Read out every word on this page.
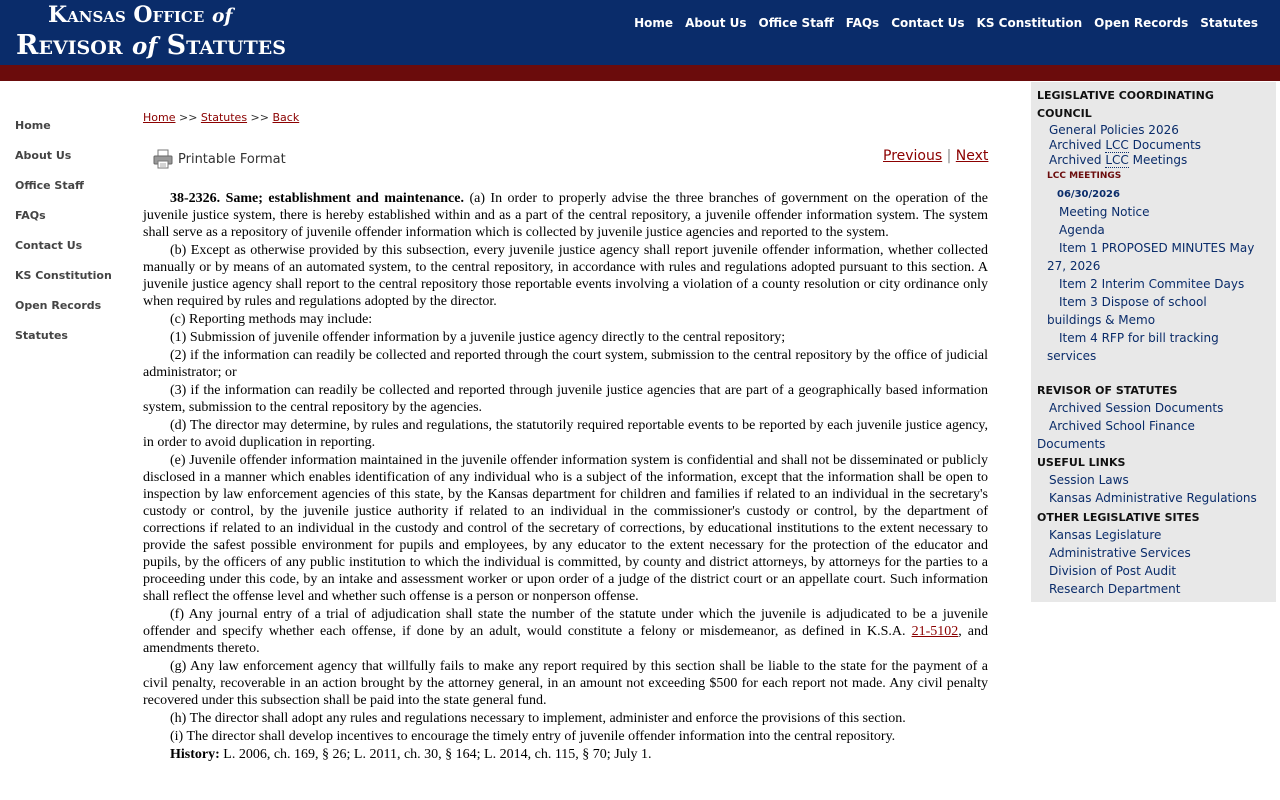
Kansas Office of
Revisor of Statutes
Home About Us Office Staff FAQs Contact Us KS Constitution Open Records Statutes
Home
About Us
Office Staff
FAQs
Contact Us
KS Constitution
Open Records
Statutes
Home >> Statutes >> Back
Printable Format	Previous | Next

38-2326. Same; establishment and maintenance. (a) In order to properly advise the three branches of government on the operation of the juvenile justice system, there is hereby established within and as a part of the central repository, a juvenile offender information system. The system shall serve as a repository of juvenile offender information which is collected by juvenile justice agencies and reported to the system.

(b) Except as otherwise provided by this subsection, every juvenile justice agency shall report juvenile offender information, whether collected manually or by means of an automated system, to the central repository, in accordance with rules and regulations adopted pursuant to this section. A juvenile justice agency shall report to the central repository those reportable events involving a violation of a county resolution or city ordinance only when required by rules and regulations adopted by the director.

(c) Reporting methods may include:

(1) Submission of juvenile offender information by a juvenile justice agency directly to the central repository;

(2) if the information can readily be collected and reported through the court system, submission to the central repository by the office of judicial administrator; or

(3) if the information can readily be collected and reported through juvenile justice agencies that are part of a geographically based information system, submission to the central repository by the agencies.

(d) The director may determine, by rules and regulations, the statutorily required reportable events to be reported by each juvenile justice agency, in order to avoid duplication in reporting.

(e) Juvenile offender information maintained in the juvenile offender information system is confidential and shall not be disseminated or publicly disclosed in a manner which enables identification of any individual who is a subject of the information, except that the information shall be open to inspection by law enforcement agencies of this state, by the Kansas department for children and families if related to an individual in the secretary's custody or control, by the juvenile justice authority if related to an individual in the commissioner's custody or control, by the department of corrections if related to an individual in the custody and control of the secretary of corrections, by educational institutions to the extent necessary to provide the safest possible environment for pupils and employees, by any educator to the extent necessary for the protection of the educator and pupils, by the officers of any public institution to which the individual is committed, by county and district attorneys, by attorneys for the parties to a proceeding under this code, by an intake and assessment worker or upon order of a judge of the district court or an appellate court. Such information shall reflect the offense level and whether such offense is a person or nonperson offense.

(f) Any journal entry of a trial of adjudication shall state the number of the statute under which the juvenile is adjudicated to be a juvenile offender and specify whether each offense, if done by an adult, would constitute a felony or misdemeanor, as defined in K.S.A. 21-5102, and amendments thereto.

(g) Any law enforcement agency that willfully fails to make any report required by this section shall be liable to the state for the payment of a civil penalty, recoverable in an action brought by the attorney general, in an amount not exceeding $500 for each report not made. Any civil penalty recovered under this subsection shall be paid into the state general fund.

(h) The director shall adopt any rules and regulations necessary to implement, administer and enforce the provisions of this section.

(i) The director shall develop incentives to encourage the timely entry of juvenile offender information into the central repository.

History: L. 2006, ch. 169, § 26; L. 2011, ch. 30, § 164; L. 2014, ch. 115, § 70; July 1.

LEGISLATIVE COORDINATING COUNCIL
General Policies 2026
Archived LCC Documents
Archived LCC Meetings
LCC MEETINGS
06/30/2026
Meeting Notice
Agenda
Item 1 PROPOSED MINUTES May
27, 2026
Item 2 Interim Commitee Days
Item 3 Dispose of school
buildings & Memo
Item 4 RFP for bill tracking
services
REVISOR OF STATUTES
Archived Session Documents
Archived School Finance
Documents
USEFUL LINKS
Session Laws
Kansas Administrative Regulations
OTHER LEGISLATIVE SITES
Kansas Legislature
Administrative Services
Division of Post Audit
Research Department
